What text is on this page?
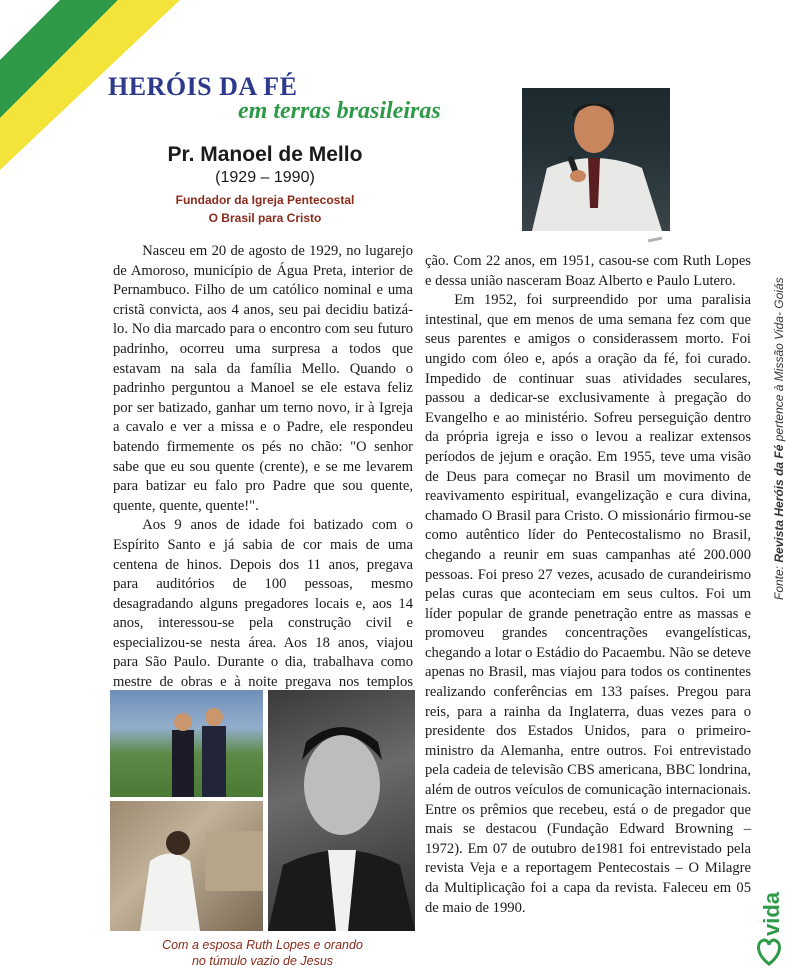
HERÓIS DA FÉ
em terras brasileiras

Pr. Manoel de Mello

(1929 – 1990)

Fundador da Igreja Pentecostal

O Brasil para Cristo

Nasceu em 20 de agosto de 1929, no lugarejo de Amoroso, município de Água Preta, interior de Pernambuco. Filho de um católico nominal e uma cristã convicta, aos 4 anos, seu pai decidiu batizá-lo. No dia marcado para o encontro com seu futuro padrinho, ocorreu uma surpresa a todos que estavam na sala da família Mello. Quando o padrinho perguntou a Manoel se ele estava feliz por ser batizado, ganhar um terno novo, ir à Igreja a cavalo e ver a missa e o Padre, ele respondeu batendo firmemente os pés no chão: "O senhor sabe que eu sou quente (crente), e se me levarem para batizar eu falo pro Padre que sou quente, quente, quente, quente!".

Aos 9 anos de idade foi batizado com o Espírito Santo e já sabia de cor mais de uma centena de hinos. Depois dos 11 anos, pregava para auditórios de 100 pessoas, mesmo desagradando alguns pregadores locais e, aos 14 anos, interessou-se pela construção civil e especializou-se nesta área. Aos 18 anos, viajou para São Paulo. Durante o dia, trabalhava como mestre de obras e à noite pregava nos templos

ção. Com 22 anos, em 1951, casou-se com Ruth Lopes e dessa união nasceram Boaz Alberto e Paulo Lutero.

Em 1952, foi surpreendido por uma paralisia intestinal, que em menos de uma semana fez com que seus parentes e amigos o considerassem morto. Foi ungido com óleo e, após a oração da fé, foi curado. Impedido de continuar suas atividades seculares, passou a dedicar-se exclusivamente à pregação do Evangelho e ao ministério. Sofreu perseguição dentro da própria igreja e isso o levou a realizar extensos períodos de jejum e oração. Em 1955, teve uma visão de Deus para começar no Brasil um movimento de reavivamento espiritual, evangelização e cura divina, chamado O Brasil para Cristo. O missionário firmou-se como autêntico líder do Pentecostalismo no Brasil, chegando a reunir em suas campanhas até 200.000 pessoas. Foi preso 27 vezes, acusado de curandeirismo pelas curas que aconteciam em seus cultos. Foi um líder popular de grande penetração entre as massas e promoveu grandes concentrações evangelísticas, chegando a lotar o Estádio do Pacaembu. Não se deteve apenas no Brasil, mas viajou para todos os continentes realizando conferências em 133 países. Pregou para reis, para a rainha da Inglaterra, duas vezes para o presidente dos Estados Unidos, para o primeiro-ministro da Alemanha, entre outros. Foi entrevistado pela cadeia de televisão CBS americana, BBC londrina, além de outros veículos de comunicação internacionais. Entre os prêmios que recebeu, está o de pregador que mais se destacou (Fundação Edward Browning – 1972). Em 07 de outubro de1981 foi entrevistado pela revista Veja e a reportagem Pentecostais – O Milagre da Multiplicação foi a capa da revista. Faleceu em 05 de maio de 1990.

Com a esposa Ruth Lopes e orando
no túmulo vazio de Jesus
Fonte: Revista Heróis da Fé pertence à Missão Vida- Goiás
vida
